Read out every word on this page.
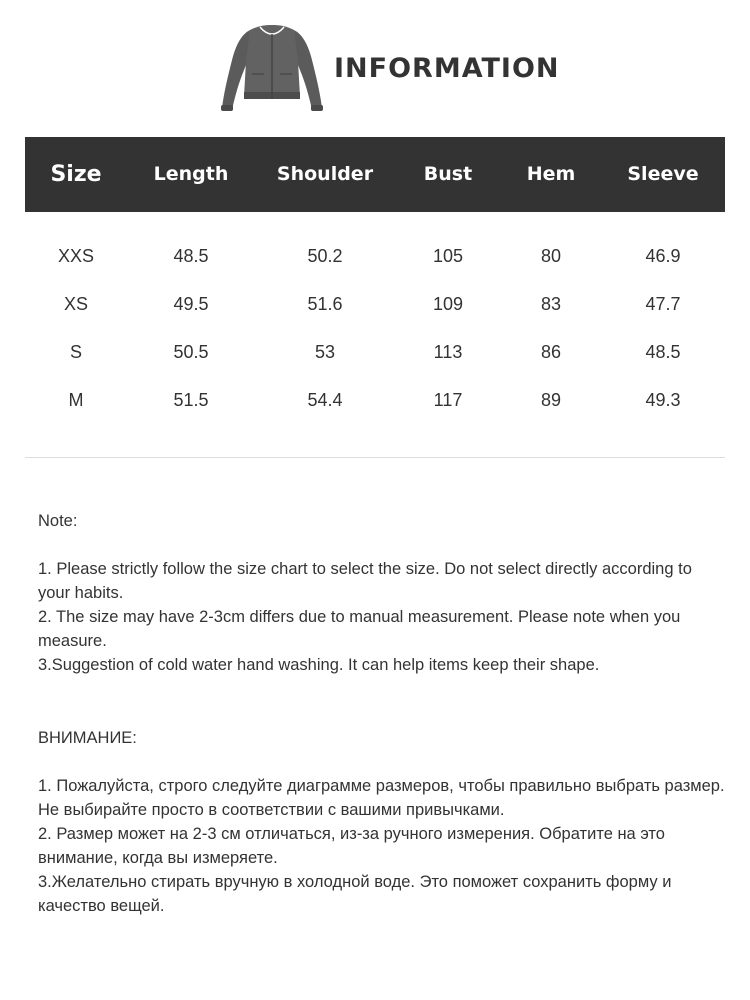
INFORMATION
Size	Length	Shoulder	Bust	Hem	Sleeve
XXS	48.5	50.2	105	80	46.9
XS	49.5	51.6	109	83	47.7
S	50.5	53	113	86	48.5
M	51.5	54.4	117	89	49.3

Note:

1. Please strictly follow the size chart to select the size. Do not select directly according to your habits.

2. The size may have 2-3cm differs due to manual measurement. Please note when you measure.

3.Suggestion of cold water hand washing. It can help items keep their shape.

ВНИМАНИЕ:

1. Пожалуйста, строго следуйте диаграмме размеров, чтобы правильно выбрать размер. Не выбирайте просто в соответствии с вашими привычками.

2. Размер может на 2-3 см отличаться, из-за ручного измерения. Обратите на это внимание, когда вы измеряете.

3.Желательно стирать вручную в холодной воде. Это поможет сохранить форму и качество вещей.
